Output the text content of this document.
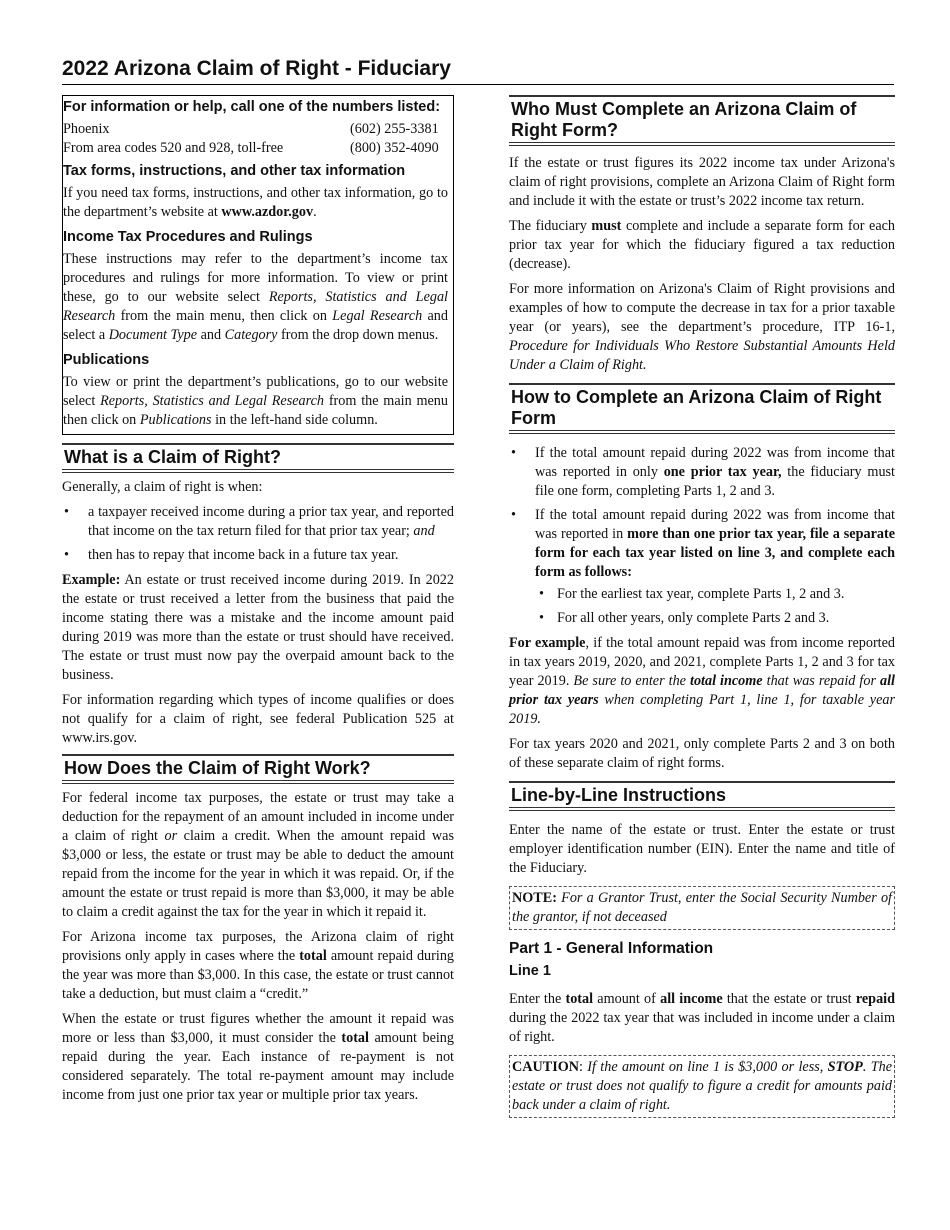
2022 Arizona Claim of Right - Fiduciary
For information or help, call one of the numbers listed:
Phoenix	(602) 255-3381
From area codes 520 and 928, toll-free	(800) 352-4090
Tax forms, instructions, and other tax information

If you need tax forms, instructions, and other tax information, go to the department’s website at www.azdor.gov.

Income Tax Procedures and Rulings

These instructions may refer to the department’s income tax procedures and rulings for more information. To view or print these, go to our website select Reports, Statistics and Legal Research from the main menu, then click on Legal Research and select a Document Type and Category from the drop down menus.

Publications

To view or print the department’s publications, go to our website select Reports, Statistics and Legal Research from the main menu then click on Publications in the left-hand side column.

What is a Claim of Right?

Generally, a claim of right is when:

• a taxpayer received income during a prior tax year, and reported that income on the tax return filed for that prior tax year; and
• then has to repay that income back in a future tax year.

Example: An estate or trust received income during 2019. In 2022 the estate or trust received a letter from the business that paid the income stating there was a mistake and the income amount paid during 2019 was more than the estate or trust should have received. The estate or trust must now pay the overpaid amount back to the business.

For information regarding which types of income qualifies or does not qualify for a claim of right, see federal Publication 525 at www.irs.gov.

How Does the Claim of Right Work?

For federal income tax purposes, the estate or trust may take a deduction for the repayment of an amount included in income under a claim of right or claim a credit. When the amount repaid was $3,000 or less, the estate or trust may be able to deduct the amount repaid from the income for the year in which it was repaid. Or, if the amount the estate or trust repaid is more than $3,000, it may be able to claim a credit against the tax for the year in which it repaid it.

For Arizona income tax purposes, the Arizona claim of right provisions only apply in cases where the total amount repaid during the year was more than $3,000. In this case, the estate or trust cannot take a deduction, but must claim a “credit.”

When the estate or trust figures whether the amount it repaid was more or less than $3,000, it must consider the total amount being repaid during the year. Each instance of re-payment is not considered separately. The total re-payment amount may include income from just one prior tax year or multiple prior tax years.

Who Must Complete an Arizona Claim of Right Form?

If the estate or trust figures its 2022 income tax under Arizona's claim of right provisions, complete an Arizona Claim of Right form and include it with the estate or trust’s 2022 income tax return.

The fiduciary must complete and include a separate form for each prior tax year for which the fiduciary figured a tax reduction (decrease).

For more information on Arizona's Claim of Right provisions and examples of how to compute the decrease in tax for a prior taxable year (or years), see the department’s procedure, ITP 16-1, Procedure for Individuals Who Restore Substantial Amounts Held Under a Claim of Right.

How to Complete an Arizona Claim of Right Form
• If the total amount repaid during 2022 was from income that was reported in only one prior tax year, the fiduciary must file one form, completing Parts 1, 2 and 3.
• If the total amount repaid during 2022 was from income that was reported in more than one prior tax year, file a separate form for each tax year listed on line 3, and complete each form as follows:
• For the earliest tax year, complete Parts 1, 2 and 3.
• For all other years, only complete Parts 2 and 3.

For example, if the total amount repaid was from income reported in tax years 2019, 2020, and 2021, complete Parts 1, 2 and 3 for tax year 2019. Be sure to enter the total income that was repaid for all prior tax years when completing Part 1, line 1, for taxable year 2019.

For tax years 2020 and 2021, only complete Parts 2 and 3 on both of these separate claim of right forms.

Line-by-Line Instructions

Enter the name of the estate or trust. Enter the estate or trust employer identification number (EIN). Enter the name and title of the Fiduciary.

NOTE: For a Grantor Trust, enter the Social Security Number of the grantor, if not deceased
Part 1 - General Information
Line 1

Enter the total amount of all income that the estate or trust repaid during the 2022 tax year that was included in income under a claim of right.

CAUTION: If the amount on line 1 is $3,000 or less, STOP. The estate or trust does not qualify to figure a credit for amounts paid back under a claim of right.
